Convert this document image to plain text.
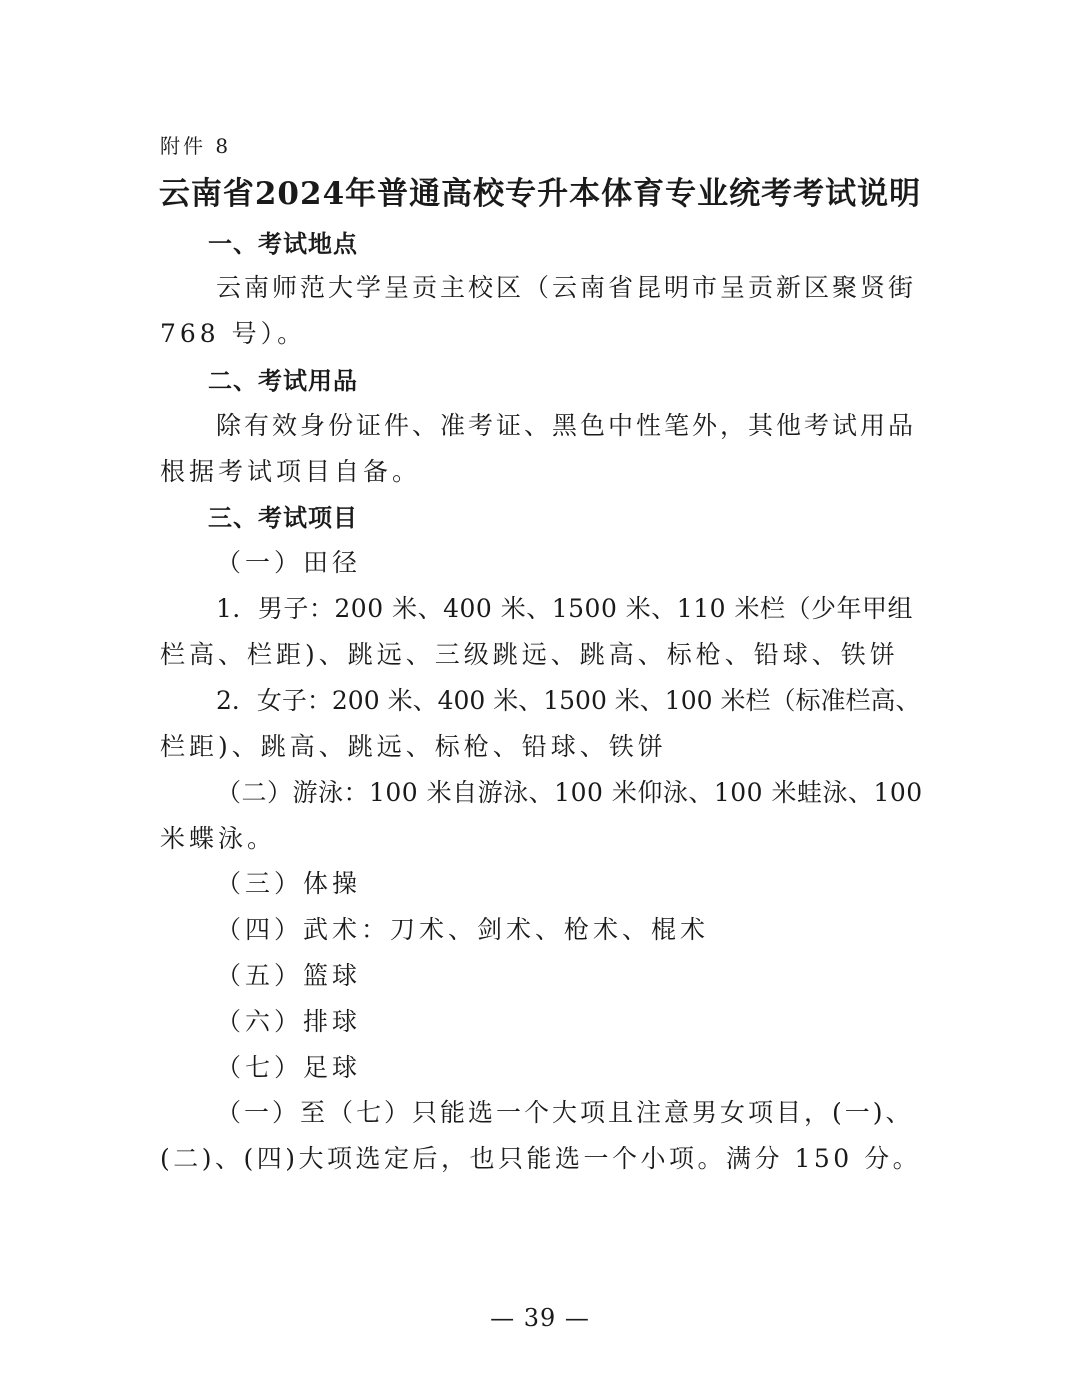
附件 8
云南省2024年普通高校专升本体育专业统考考试说明
一、考试地点
云南师范大学呈贡主校区（云南省昆明市呈贡新区聚贤街
768 号）。
二、考试用品
除有效身份证件、准考证、黑色中性笔外，其他考试用品
根据考试项目自备。
三、考试项目
（一）田径
1．男子：200 米、400 米、1500 米、110 米栏（少年甲组
栏高、栏距)、跳远、三级跳远、跳高、标枪、铅球、铁饼
2．女子：200 米、400 米、1500 米、100 米栏（标准栏高、
栏距)、跳高、跳远、标枪、铅球、铁饼
（二）游泳：100 米自游泳、100 米仰泳、100 米蛙泳、100
米蝶泳。
（三）体操
（四）武术：刀术、剑术、枪术、棍术
（五）篮球
（六）排球
（七）足球
（一）至（七）只能选一个大项且注意男女项目，(一)、
(二)、(四)大项选定后，也只能选一个小项。满分 150 分。
— 39 —
